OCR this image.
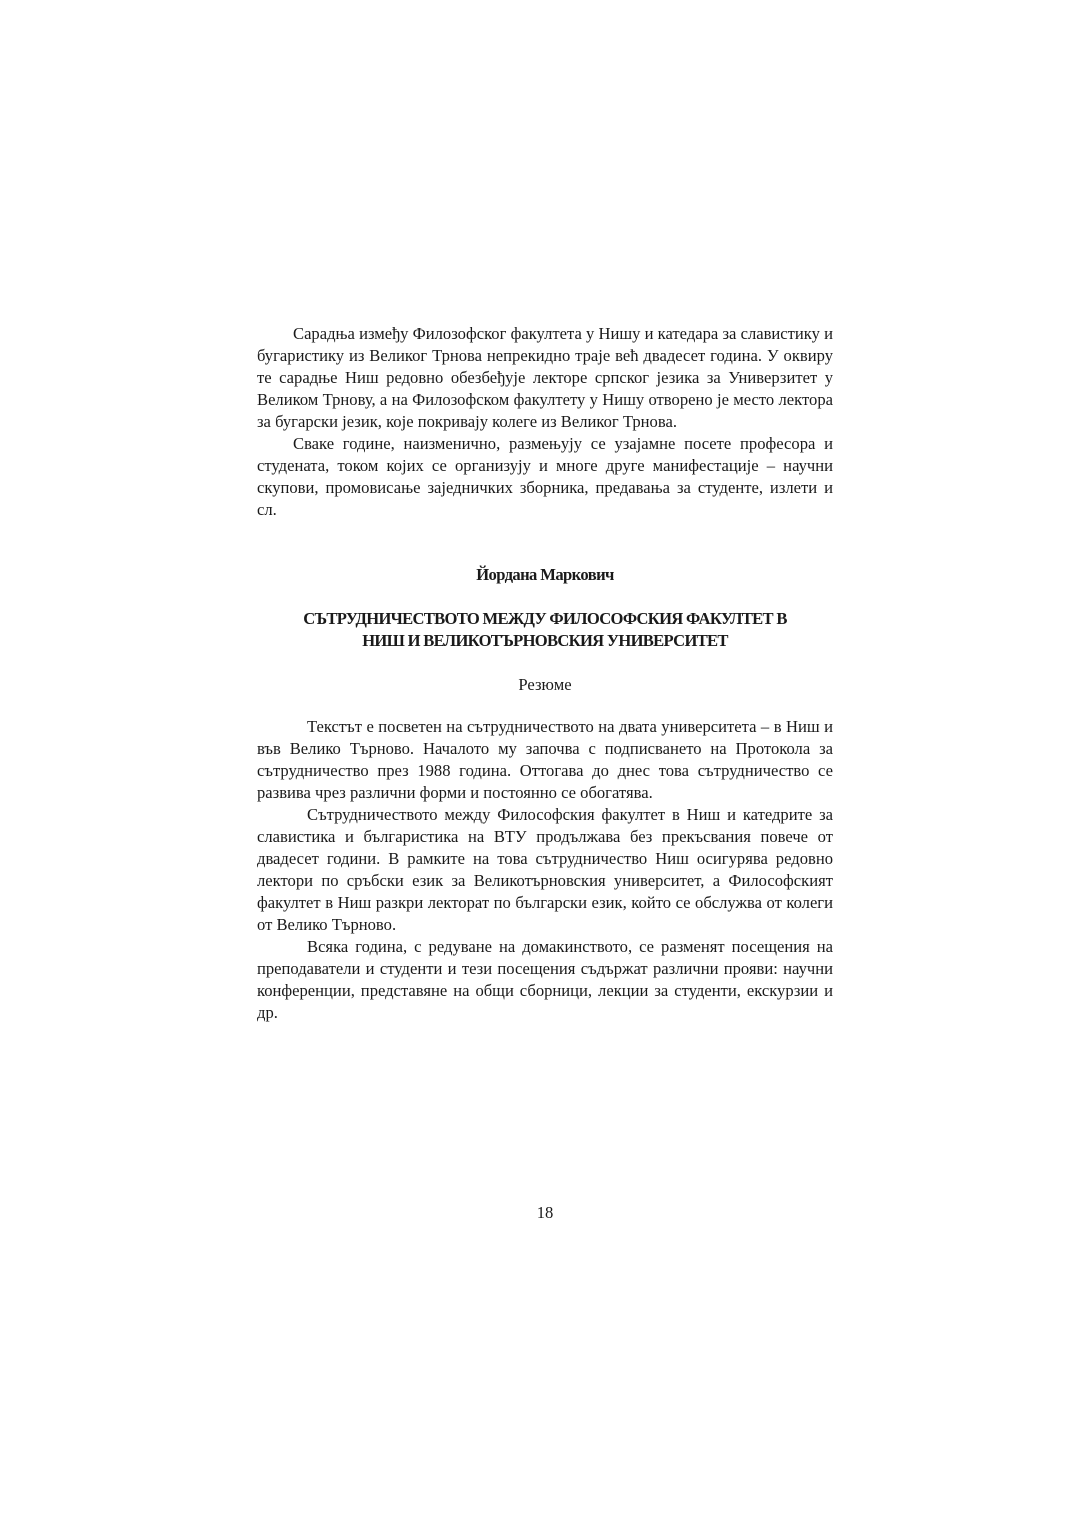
Сарадња између Филозофског факултета у Нишу и катедара за славистику и бугаристику из Великог Трнова непрекидно траје већ двадесет година. У оквиру те сарадње Ниш редовно обезбеђује лекторе српског језика за Универзитет у Великом Трнову, а на Филозофском факултету у Нишу отворено је место лектора за бугарски језик, које покривају колеге из Великог Трнова.

Сваке године, наизменично, размењују се узајамне посете професора и студената, током којих се организују и многе друге манифестације – научни скупови, промовисање заједничких зборника, предавања за студенте, излети и сл.

Йордана Маркович
СЪТРУДНИЧЕСТВОТО МЕЖДУ ФИЛОСОФСКИЯ ФАКУЛТЕТ В
НИШ И ВЕЛИКОТЪРНОВСКИЯ УНИВЕРСИТЕТ
Резюме

Текстът е посветен на сътрудничеството на двата университета – в Ниш и във Велико Търново. Началото му започва с подписването на Протокола за сътрудничество през 1988 година. Оттогава до днес това сътрудничество се развива чрез различни форми и постоянно се обогатява.

Сътрудничеството между Философския факултет в Ниш и катедрите за славистика и българистика на ВТУ продължава без прекъсвания повече от двадесет години. В рамките на това сътрудничество Ниш осигурява редовно лектори по сръбски език за Великотърновския университет, а Философският факултет в Ниш разкри лекторат по български език, който се обслужва от колеги от Велико Търново.

Всяка година, с редуване на домакинството, се разменят посещения на преподаватели и студенти и тези посещения съдържат различни прояви: научни конференции, представяне на общи сборници, лекции за студенти, екскурзии и др.

18
